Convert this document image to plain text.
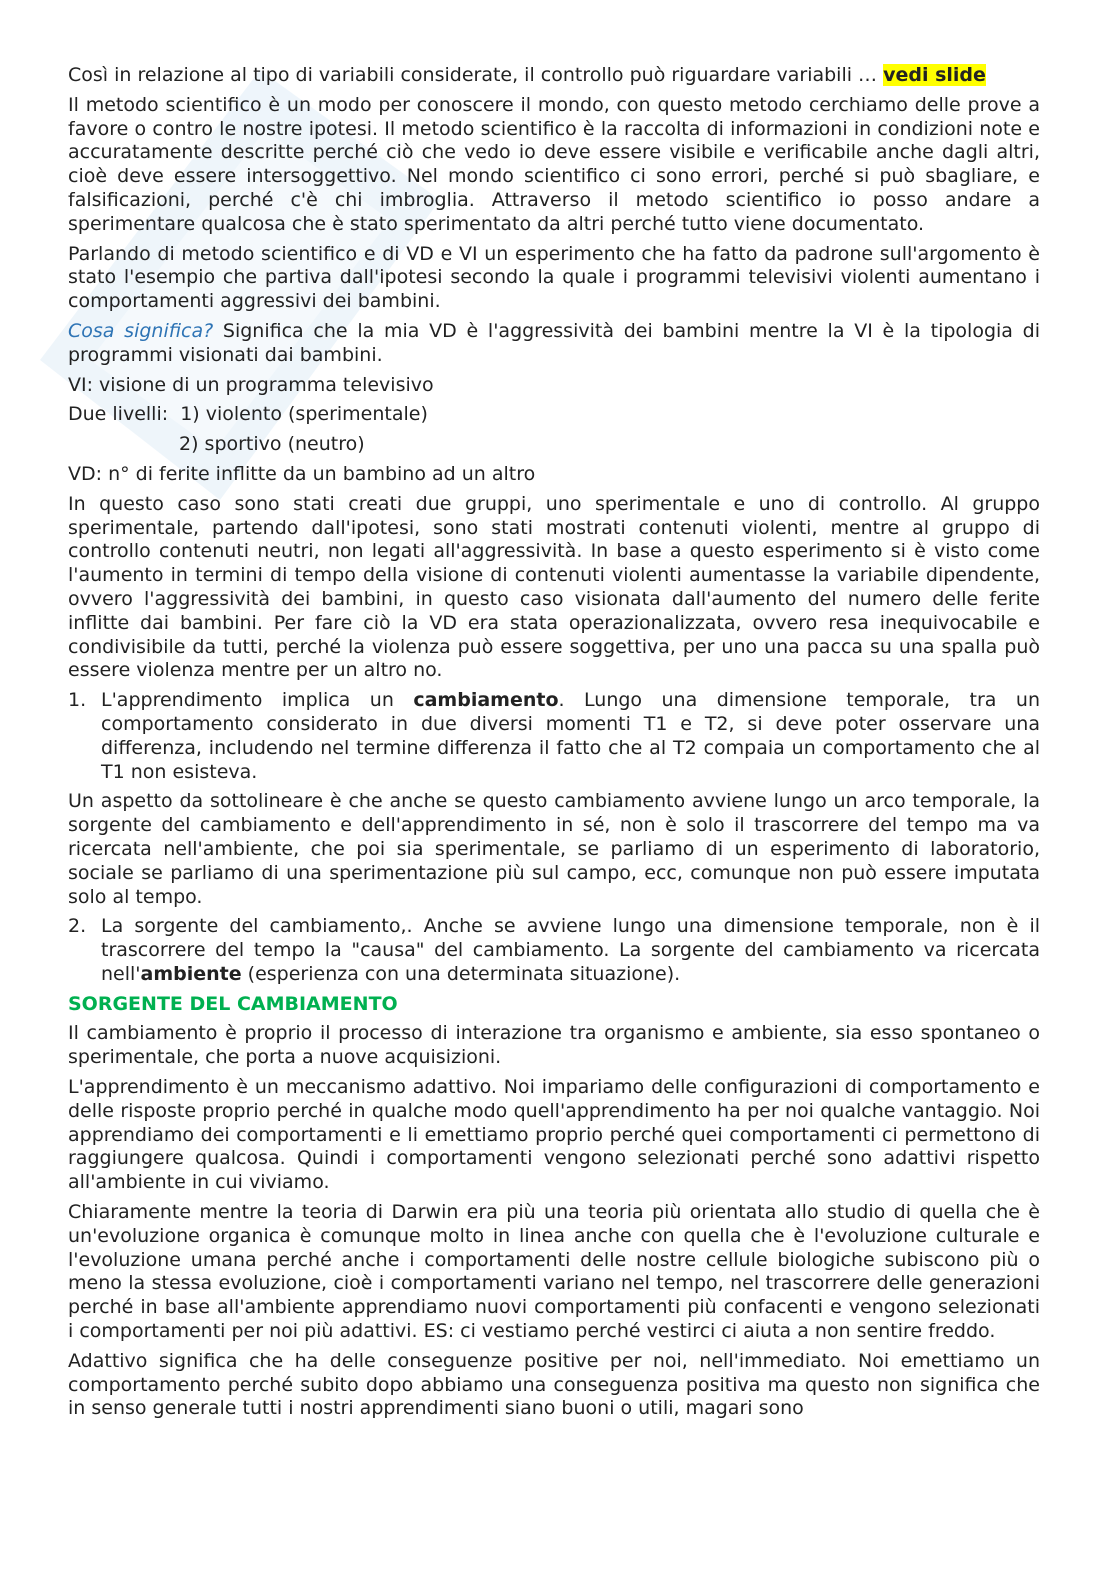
Così in relazione al tipo di variabili considerate, il controllo può riguardare variabili … vedi slide

Il metodo scientifico è un modo per conoscere il mondo, con questo metodo cerchiamo delle prove a favore o contro le nostre ipotesi. Il metodo scientifico è la raccolta di informazioni in condizioni note e accuratamente descritte perché ciò che vedo io deve essere visibile e verificabile anche dagli altri, cioè deve essere intersoggettivo. Nel mondo scientifico ci sono errori, perché si può sbagliare, e falsificazioni, perché c'è chi imbroglia. Attraverso il metodo scientifico io posso andare a sperimentare qualcosa che è stato sperimentato da altri perché tutto viene documentato.

Parlando di metodo scientifico e di VD e VI un esperimento che ha fatto da padrone sull'argomento è stato l'esempio che partiva dall'ipotesi secondo la quale i programmi televisivi violenti aumentano i comportamenti aggressivi dei bambini.

Cosa significa? Significa che la mia VD è l'aggressività dei bambini mentre la VI è la tipologia di programmi visionati dai bambini.

VI: visione di un programma televisivo
Due livelli:  1) violento (sperimentale)
2) sportivo (neutro)
VD: n° di ferite inflitte da un bambino ad un altro

In questo caso sono stati creati due gruppi, uno sperimentale e uno di controllo. Al gruppo sperimentale, partendo dall'ipotesi, sono stati mostrati contenuti violenti, mentre al gruppo di controllo contenuti neutri, non legati all'aggressività. In base a questo esperimento si è visto come l'aumento in termini di tempo della visione di contenuti violenti aumentasse la variabile dipendente, ovvero l'aggressività dei bambini, in questo caso visionata dall'aumento del numero delle ferite inflitte dai bambini. Per fare ciò la VD era stata operazionalizzata, ovvero resa inequivocabile e condivisibile da tutti, perché la violenza può essere soggettiva, per uno una pacca su una spalla può essere violenza mentre per un altro no.

1. L'apprendimento implica un cambiamento. Lungo una dimensione temporale, tra un comportamento considerato in due diversi momenti T1 e T2, si deve poter osservare una differenza, includendo nel termine differenza il fatto che al T2 compaia un comportamento che al T1 non esisteva.

Un aspetto da sottolineare è che anche se questo cambiamento avviene lungo un arco temporale, la sorgente del cambiamento e dell'apprendimento in sé, non è solo il trascorrere del tempo ma va ricercata nell'ambiente, che poi sia sperimentale, se parliamo di un esperimento di laboratorio, sociale se parliamo di una sperimentazione più sul campo, ecc, comunque non può essere imputata solo al tempo.

2. La sorgente del cambiamento,. Anche se avviene lungo una dimensione temporale, non è il trascorrere del tempo la "causa" del cambiamento. La sorgente del cambiamento va ricercata nell'ambiente (esperienza con una determinata situazione).
SORGENTE DEL CAMBIAMENTO

Il cambiamento è proprio il processo di interazione tra organismo e ambiente, sia esso spontaneo o sperimentale, che porta a nuove acquisizioni.

L'apprendimento è un meccanismo adattivo. Noi impariamo delle configurazioni di comportamento e delle risposte proprio perché in qualche modo quell'apprendimento ha per noi qualche vantaggio. Noi apprendiamo dei comportamenti e li emettiamo proprio perché quei comportamenti ci permettono di raggiungere qualcosa. Quindi i comportamenti vengono selezionati perché sono adattivi rispetto all'ambiente in cui viviamo.

Chiaramente mentre la teoria di Darwin era più una teoria più orientata allo studio di quella che è un'evoluzione organica è comunque molto in linea anche con quella che è l'evoluzione culturale e l'evoluzione umana perché anche i comportamenti delle nostre cellule biologiche subiscono più o meno la stessa evoluzione, cioè i comportamenti variano nel tempo, nel trascorrere delle generazioni perché in base all'ambiente apprendiamo nuovi comportamenti più confacenti e vengono selezionati i comportamenti per noi più adattivi. ES: ci vestiamo perché vestirci ci aiuta a non sentire freddo.

Adattivo significa che ha delle conseguenze positive per noi, nell'immediato. Noi emettiamo un comportamento perché subito dopo abbiamo una conseguenza positiva ma questo non significa che in senso generale tutti i nostri apprendimenti siano buoni o utili, magari sono
